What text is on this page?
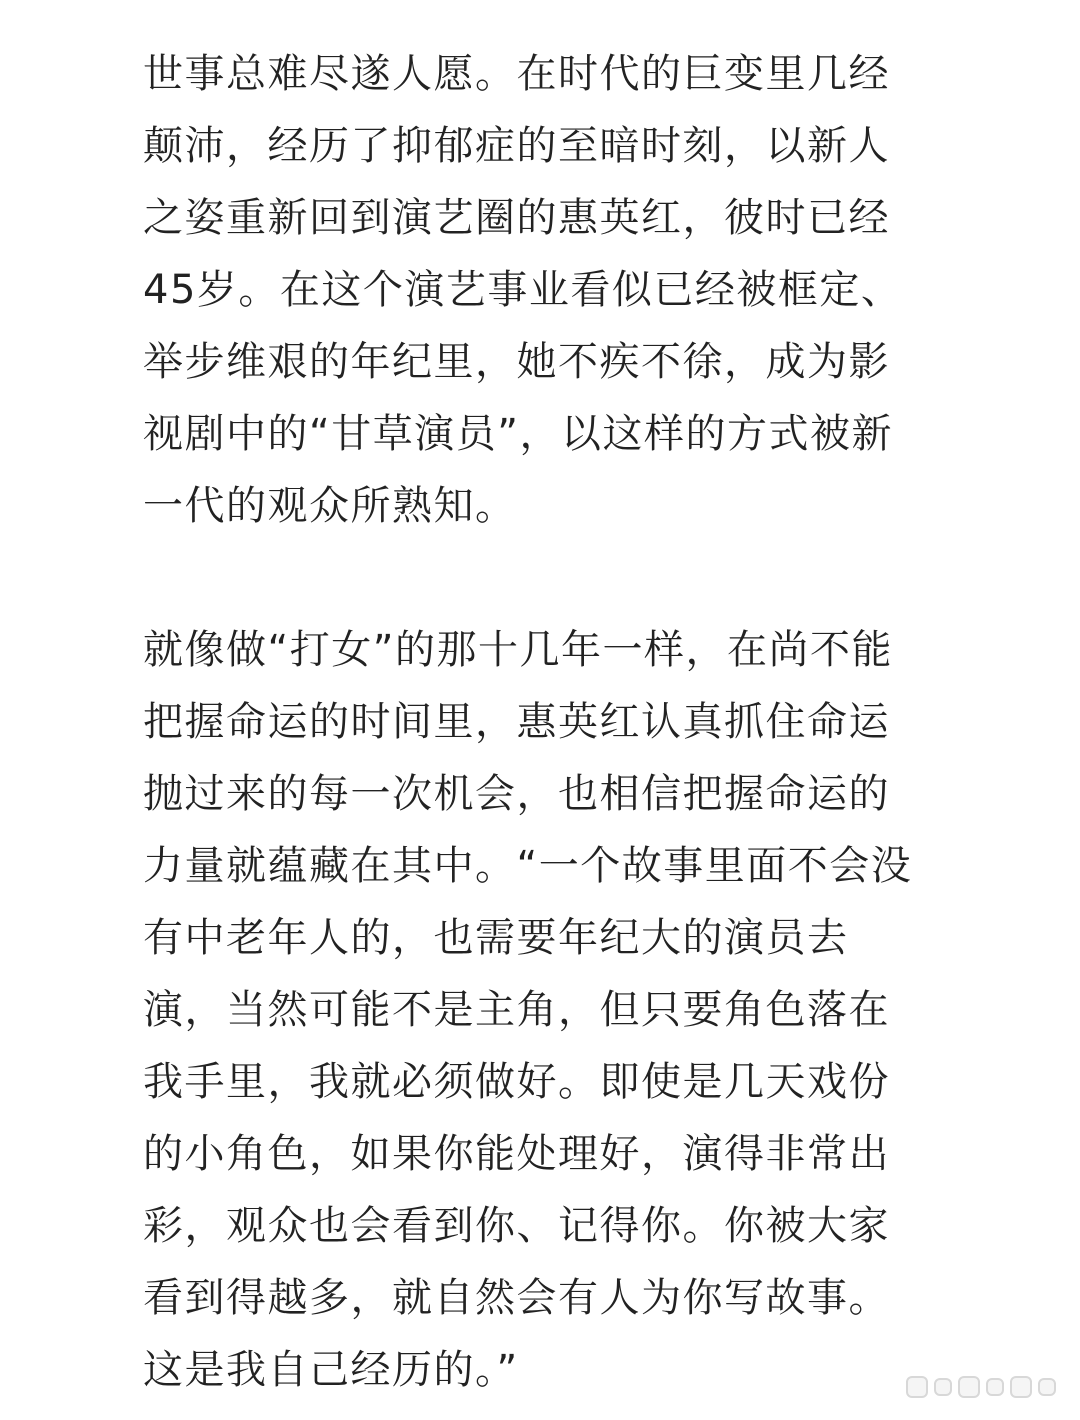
世事总难尽遂人愿。在时代的巨变里几经
颠沛，经历了抑郁症的至暗时刻，以新人
之姿重新回到演艺圈的惠英红，彼时已经
45岁。在这个演艺事业看似已经被框定、
举步维艰的年纪里，她不疾不徐，成为影
视剧中的“甘草演员”，以这样的方式被新
一代的观众所熟知。

就像做“打女”的那十几年一样，在尚不能
把握命运的时间里，惠英红认真抓住命运
抛过来的每一次机会，也相信把握命运的
力量就蕴藏在其中。“一个故事里面不会没
有中老年人的，也需要年纪大的演员去
演，当然可能不是主角，但只要角色落在
我手里，我就必须做好。即使是几天戏份
的小角色，如果你能处理好，演得非常出
彩，观众也会看到你、记得你。你被大家
看到得越多，就自然会有人为你写故事。
这是我自己经历的。”
